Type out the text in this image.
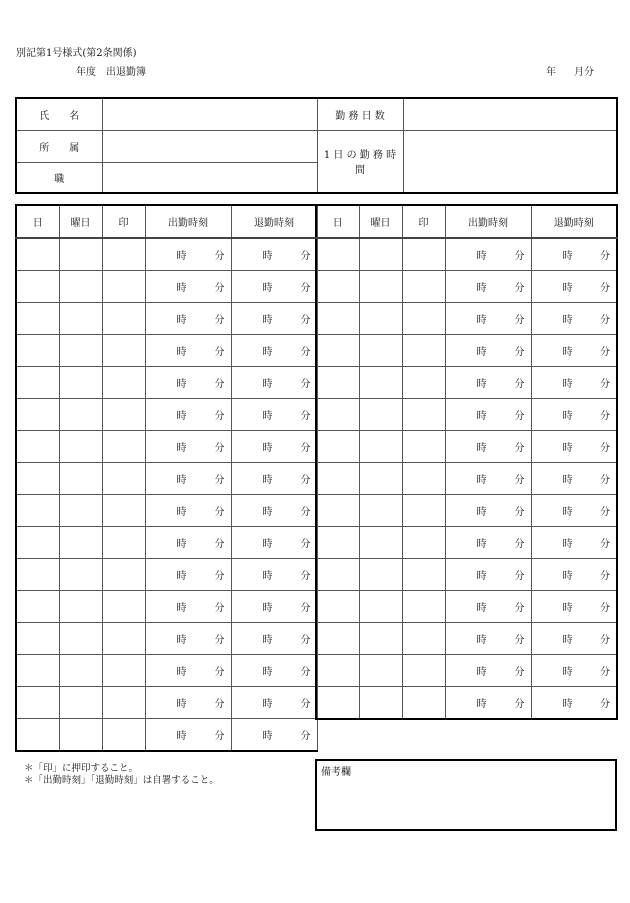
別記第1号様式(第2条関係)
年度 出退勤簿	年 月分
氏　　名		勤 務 日 数	
所　　属		1 日 の 勤 務 時 間	
職			
日	曜日	印	出勤時刻	退勤時刻

			時 分	時 分

			時 分	時 分

			時 分	時 分

			時 分	時 分

			時 分	時 分

			時 分	時 分

			時 分	時 分

			時 分	時 分

			時 分	時 分

			時 分	時 分

			時 分	時 分

			時 分	時 分

			時 分	時 分

			時 分	時 分

			時 分	時 分

			時 分	時 分
日	曜日	印	出勤時刻	退勤時刻

			時 分	時 分

			時 分	時 分

			時 分	時 分

			時 分	時 分

			時 分	時 分

			時 分	時 分

			時 分	時 分

			時 分	時 分

			時 分	時 分

			時 分	時 分

			時 分	時 分

			時 分	時 分

			時 分	時 分

			時 分	時 分

			時 分	時 分
＊「印」に押印すること。
＊「出勤時刻」「退勤時刻」は自署すること。
備考欄
